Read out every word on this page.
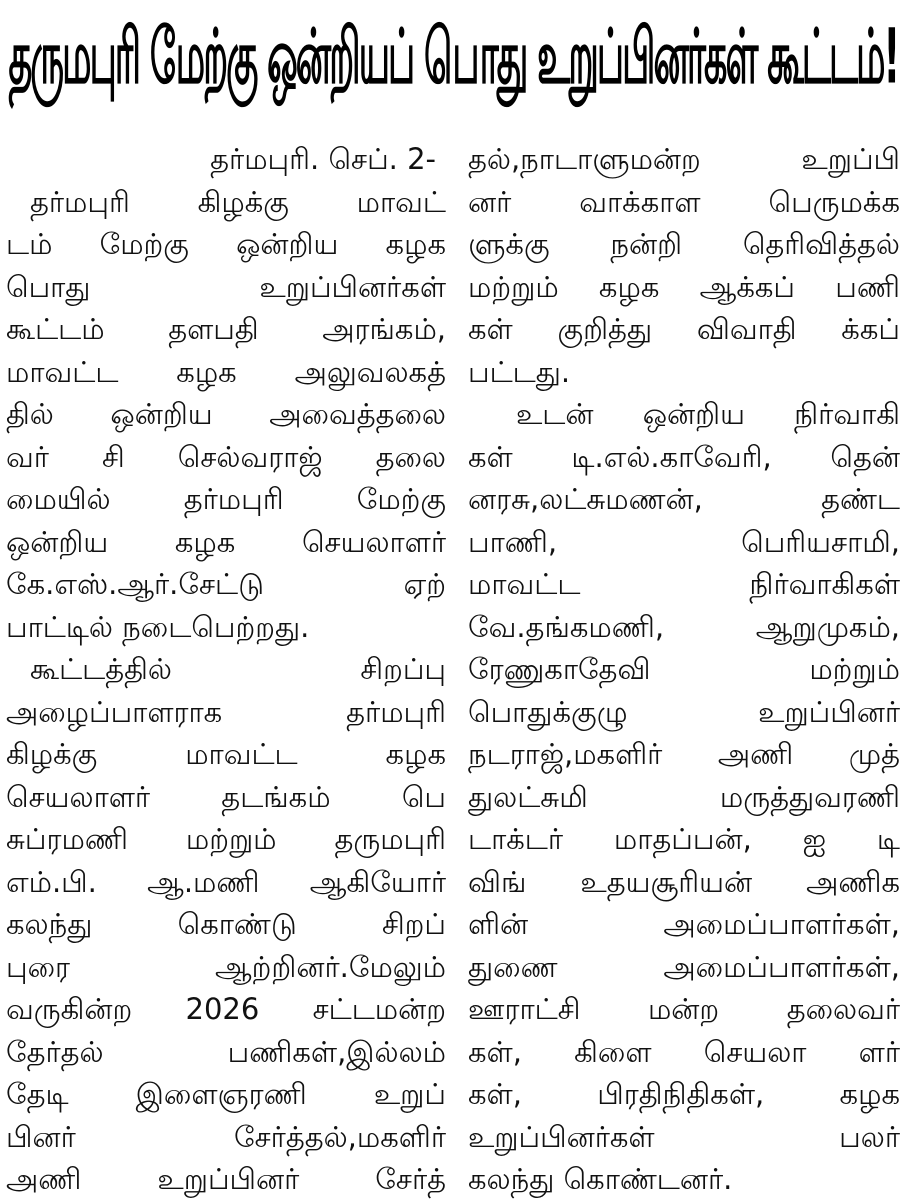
தருமபுரி மேற்கு ஒன்றியப் பொது உறுப்பினர்கள் கூட்டம்!
தர்மபுரி. செப். 2-
தர்மபுரி கிழக்கு மாவட்
டம் மேற்கு ஒன்றிய கழக
பொது உறுப்பினர்கள்
கூட்டம் தளபதி அரங்கம்,
மாவட்ட கழக அலுவலகத்
தில் ஒன்றிய அவைத்தலை
வர் சி செல்வராஜ் தலை
மையில் தர்மபுரி மேற்கு
ஒன்றிய கழக செயலாளர்
கே.எஸ்.ஆர்.சேட்டு ஏற்
பாட்டில் நடைபெற்றது.
கூட்டத்தில் சிறப்பு
அழைப்பாளராக தர்மபுரி
கிழக்கு மாவட்ட கழக
செயலாளர் தடங்கம் பெ
சுப்ரமணி மற்றும் தருமபுரி
எம்.பி. ஆ.மணி ஆகியோர்
கலந்து கொண்டு சிறப்
புரை ஆற்றினர்.மேலும்
வருகின்ற 2026 சட்டமன்ற
தேர்தல் பணிகள்,இல்லம்
தேடி இளைஞரணி உறுப்
பினர் சேர்த்தல்,மகளிர்
அணி உறுப்பினர் சேர்த்
தல்,நாடாளுமன்ற உறுப்பி
னர் வாக்காள பெருமக்க
ளுக்கு நன்றி தெரிவித்தல்
மற்றும் கழக ஆக்கப் பணி
கள் குறித்து விவாதி க்கப்
பட்டது.
உடன் ஒன்றிய நிர்வாகி
கள் டி.எல்.காவேரி, தென்
னரசு,லட்சுமணன், தண்ட
பாணி, பெரியசாமி,
மாவட்ட நிர்வாகிகள்
வே.தங்கமணி, ஆறுமுகம்,
ரேணுகாதேவி மற்றும்
பொதுக்குழு உறுப்பினர்
நடராஜ்,மகளிர் அணி முத்
துலட்சுமி மருத்துவரணி
டாக்டர் மாதப்பன், ஐ டி
விங் உதயசூரியன் அணிக
ளின் அமைப்பாளர்கள்,
துணை அமைப்பாளர்கள்,
ஊராட்சி மன்ற தலைவர்
கள், கிளை செயலா ளர்
கள், பிரதிநிதிகள், கழக
உறுப்பினர்கள் பலர்
கலந்து கொண்டனர்.
